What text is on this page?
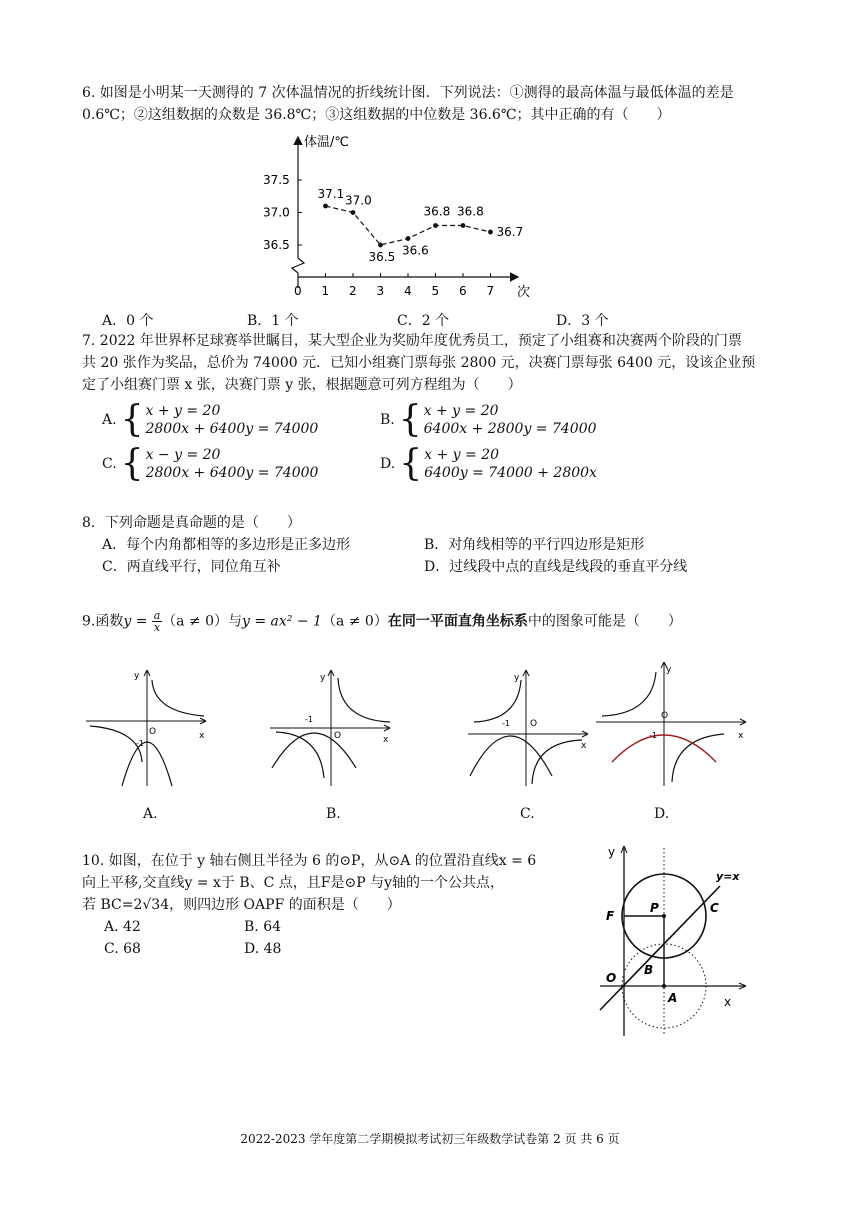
6. 如图是小明某一天测得的 7 次体温情况的折线统计图．下列说法：①测得的最高体温与最低体温的差是
0.6℃；②这组数据的众数是 36.8℃；③这组数据的中位数是 36.6℃；其中正确的有（　　）
体温/℃
次
37.5
37.0
36.5
0 1 2 3 4 5 6 7
37.1 37.0
36.5 36.6
36.8 36.8
36.7
A．0 个	B．1 个	C．2 个	D．3 个
7. 2022 年世界杯足球赛举世瞩目，某大型企业为奖励年度优秀员工，预定了小组赛和决赛两个阶段的门票
共 20 张作为奖品，总价为 74000 元．已知小组赛门票每张 2800 元，决赛门票每张 6400 元，设该企业预
定了小组赛门票 x 张，决赛门票 y 张，根据题意可列方程组为（　　）
A. { x + y = 20
2800x + 6400y = 74000
B. { x + y = 20
6400x + 2800y = 74000
C. { x − y = 20
2800x + 6400y = 74000
D. { x + y = 20
6400y = 74000 + 2800x
8．下列命题是真命题的是（　　）
A．每个内角都相等的多边形是正多边形	B．对角线相等的平行四边形是矩形
C．两直线平行，同位角互补	D．过线段中点的直线是线段的垂直平分线
9.函数$y = \frac{a}{x}(a \ne 0)$与y = ax² − 1（a ≠ 0）在同一平面直角坐标系中的图象可能是（　　）
y
x
O
-1
A.
y
x
O
-1
B.
y
x
O
-1
C.
y
x
O
-1
D.
10. 如图，在位于 y 轴右侧且半径为 6 的⊙P，从⊙A 的位置沿直线x = 6
向上平移,交直线y = x于 B、C 点，且F是⊙P 与y轴的一个公共点，
若 BC=2√34，则四边形 OAPF 的面积是（　　）
A. 42	B. 64
C. 68	D. 48
y
x
y=x
F
P	C
B
O
A
2022-2023 学年度第二学期模拟考试初三年级数学试卷第 2 页 共 6 页
